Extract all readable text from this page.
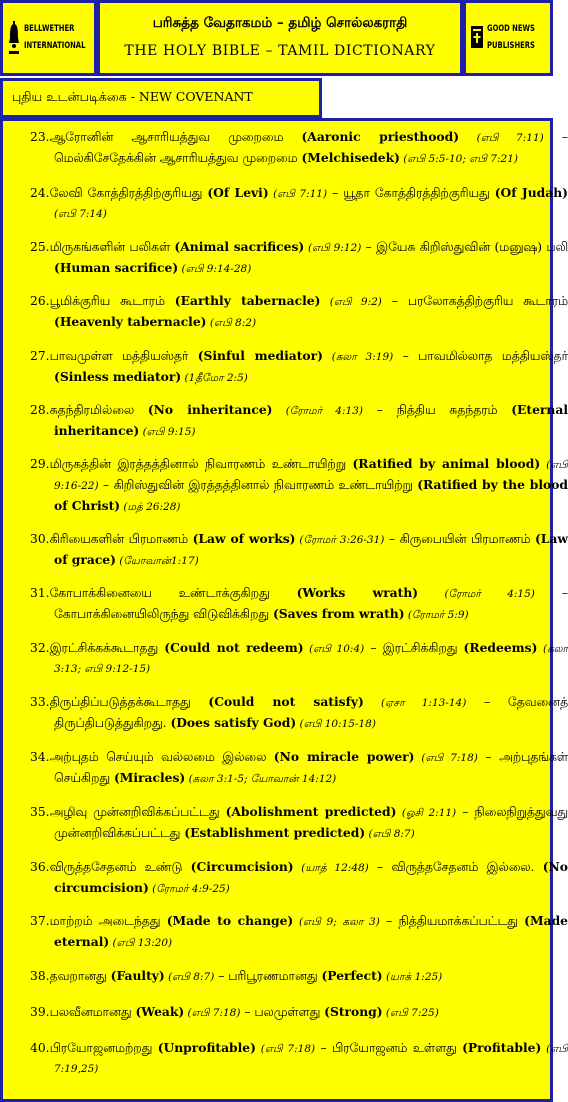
BELLWETHER
INTERNATIONAL
பரிசுத்த வேதாகமம் – தமிழ் சொல்லகராதி
THE HOLY BIBLE – TAMIL DICTIONARY
GOOD NEWS
PUBLISHERS
புதிய உடன்படிக்கை - NEW COVENANT
23.ஆரோனின் ஆசாரியத்துவ முறைமை (Aaronic priesthood) (எபி 7:11) – மெல்கிசேதேக்கின் ஆசாரியத்துவ முறைமை (Melchisedek) (எபி 5:5-10; எபி 7:21)
24.லேவி கோத்திரத்திற்குரியது (Of Levi) (எபி 7:11) – யூதா கோத்திரத்திற்குரியது (Of Judah) (எபி 7:14)
25.மிருகங்களின் பலிகள் (Animal sacrifices) (எபி 9:12) – இயேசு கிறிஸ்துவின் (மனுஷ) பலி (Human sacrifice) (எபி 9:14-28)
26.பூமிக்குரிய கூடாரம் (Earthly tabernacle) (எபி 9:2) – பரலோகத்திற்குரிய கூடாரம் (Heavenly tabernacle) (எபி 8:2)
27.பாவமுள்ள மத்தியஸ்தர் (Sinful mediator) (கலா 3:19) – பாவமில்லாத மத்தியஸ்தர் (Sinless mediator) (1தீமோ 2:5)
28.சுதந்திரமில்லை (No inheritance) (ரோமர் 4:13) – நித்திய சுதந்தரம் (Eternal inheritance) (எபி 9:15)
29.மிருகத்தின் இரத்தத்தினால் நிவாரணம் உண்டாயிற்று (Ratified by animal blood) (எபி 9:16-22) – கிறிஸ்துவின் இரத்தத்தினால் நிவாரணம் உண்டாயிற்று (Ratified by the blood of Christ) (மத் 26:28)
30.கிரியைகளின் பிரமாணம் (Law of works) (ரோமர் 3:26-31) – கிருபையின் பிரமாணம் (Law of grace) (யோவான்1:17)
31.கோபாக்கினையை உண்டாக்குகிறது (Works wrath) (ரோமர் 4:15) – கோபாக்கினையிலிருந்து விடுவிக்கிறது (Saves from wrath) (ரோமர் 5:9)
32.இரட்சிக்கக்கூடாதது (Could not redeem) (எபி 10:4) – இரட்சிக்கிறது (Redeems) (கலா 3:13; எபி 9:12-15)
33.திருப்திப்படுத்தக்கூடாதது (Could not satisfy) (ஏசா 1:13-14) – தேவனைத் திருப்திபடுத்துகிறது. (Does satisfy God) (எபி 10:15-18)
34.அற்புதம் செய்யும் வல்லமை இல்லை (No miracle power) (எபி 7:18) – அற்புதங்கள் செய்கிறது (Miracles) (கலா 3:1-5; யோவான் 14:12)
35.அழிவு முன்னறிவிக்கப்பட்டது (Abolishment predicted) (ஓசி 2:11) – நிலைநிறுத்துவது முன்னறிவிக்கப்பட்டது (Establishment predicted) (எபி 8:7)
36.விருத்தசேதனம் உண்டு (Circumcision) (யாத் 12:48) – விருத்தசேதனம் இல்லை. (No circumcision) (ரோமர் 4:9-25)
37.மாற்றம் அடைந்தது (Made to change) (எபி 9; கலா 3) – நித்தியமாக்கப்பட்டது (Made eternal) (எபி 13:20)
38.தவறானது (Faulty) (எபி 8:7) – பரிபூரணமானது (Perfect) (யாக் 1:25)
39.பலவீனமானது (Weak) (எபி 7:18) – பலமுள்ளது (Strong) (எபி 7:25)
40.பிரயோஜனமற்றது (Unprofitable) (எபி 7:18) – பிரயோஜனம் உள்ளது (Profitable) (எபி 7:19,25)
